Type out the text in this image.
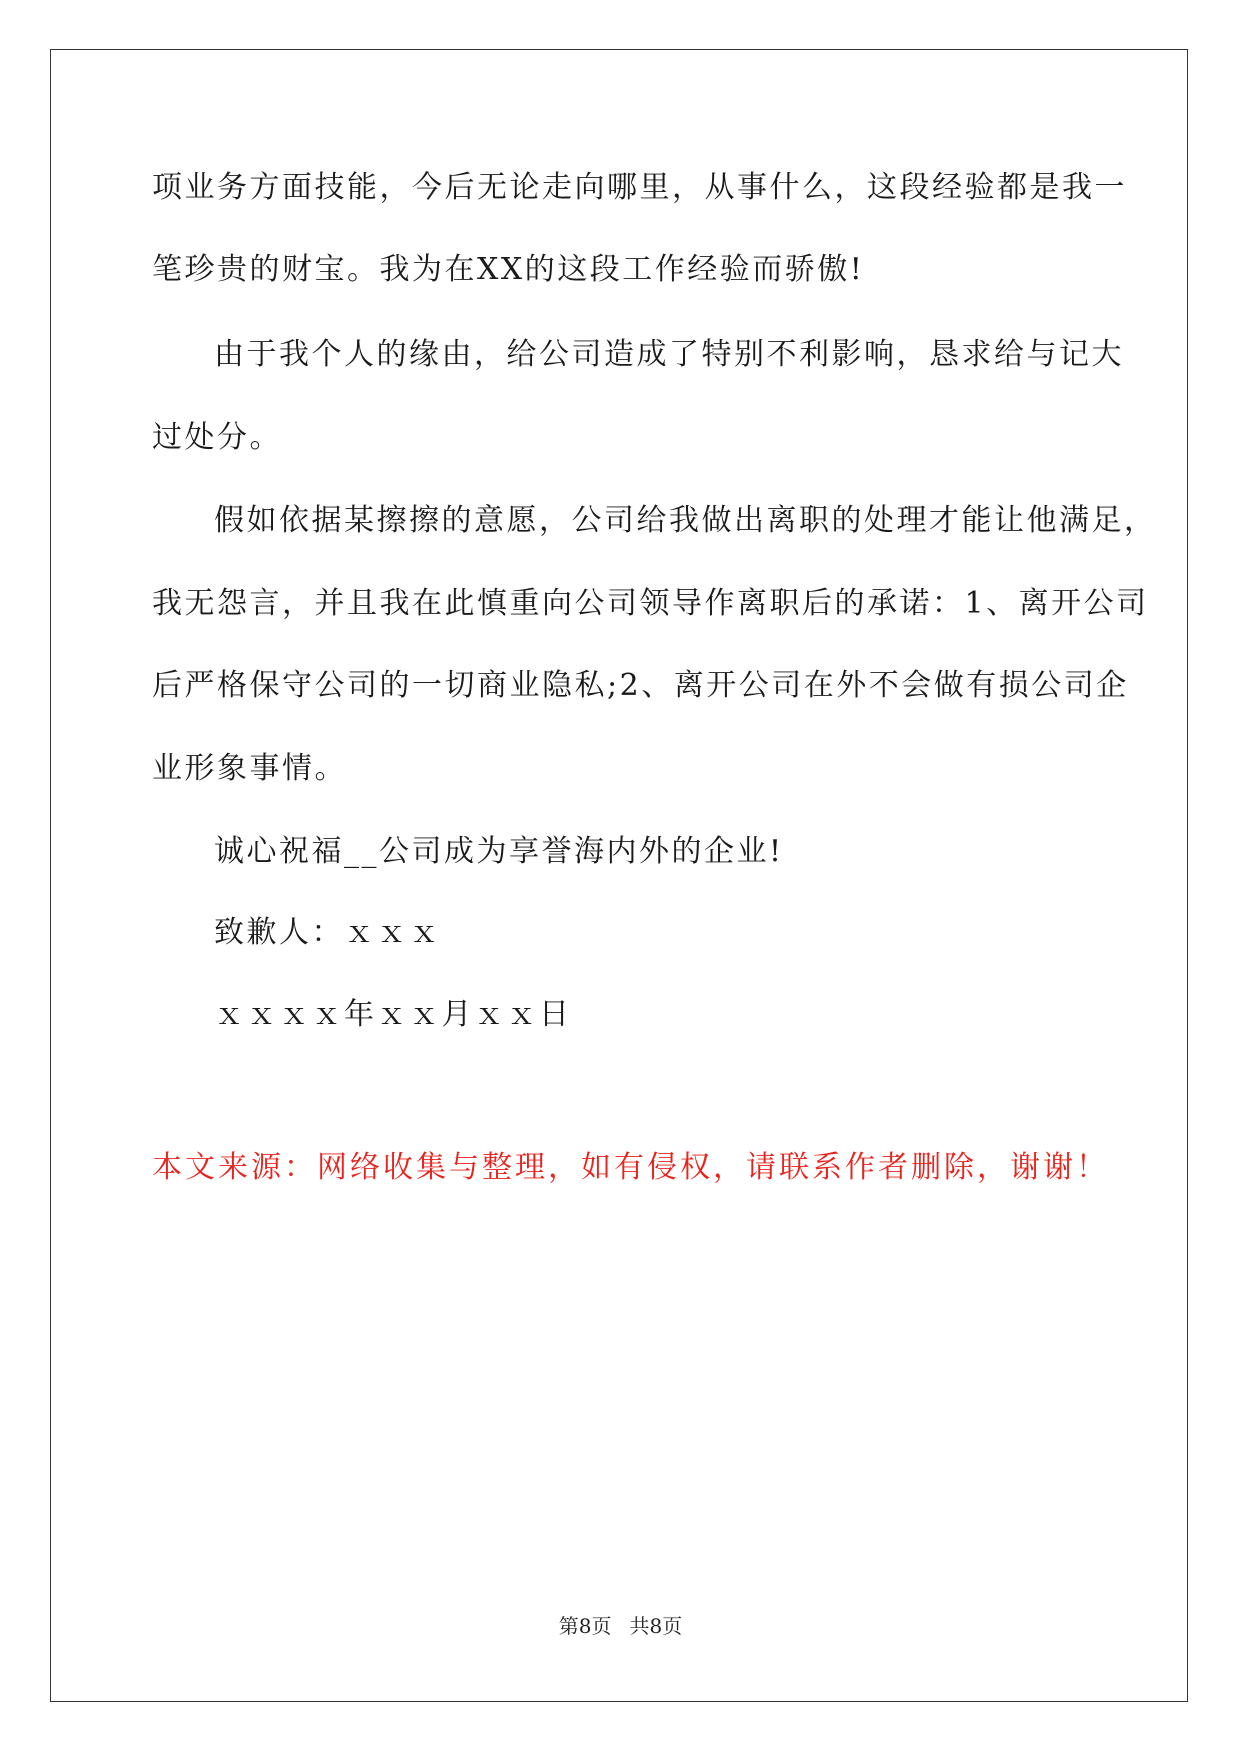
项业务方面技能，今后无论走向哪里，从事什么，这段经验都是我一
笔珍贵的财宝。我为在XX的这段工作经验而骄傲!
由于我个人的缘由，给公司造成了特别不利影响，恳求给与记大
过处分。
假如依据某擦擦的意愿，公司给我做出离职的处理才能让他满足，
我无怨言，并且我在此慎重向公司领导作离职后的承诺：1、离开公司
后严格保守公司的一切商业隐私;2、离开公司在外不会做有损公司企
业形象事情。
诚心祝福__公司成为享誉海内外的企业!
致歉人：ｘｘｘ
ｘｘｘｘ年ｘｘ月ｘｘ日
本文来源：网络收集与整理，如有侵权，请联系作者删除，谢谢！
第8页 共8页
